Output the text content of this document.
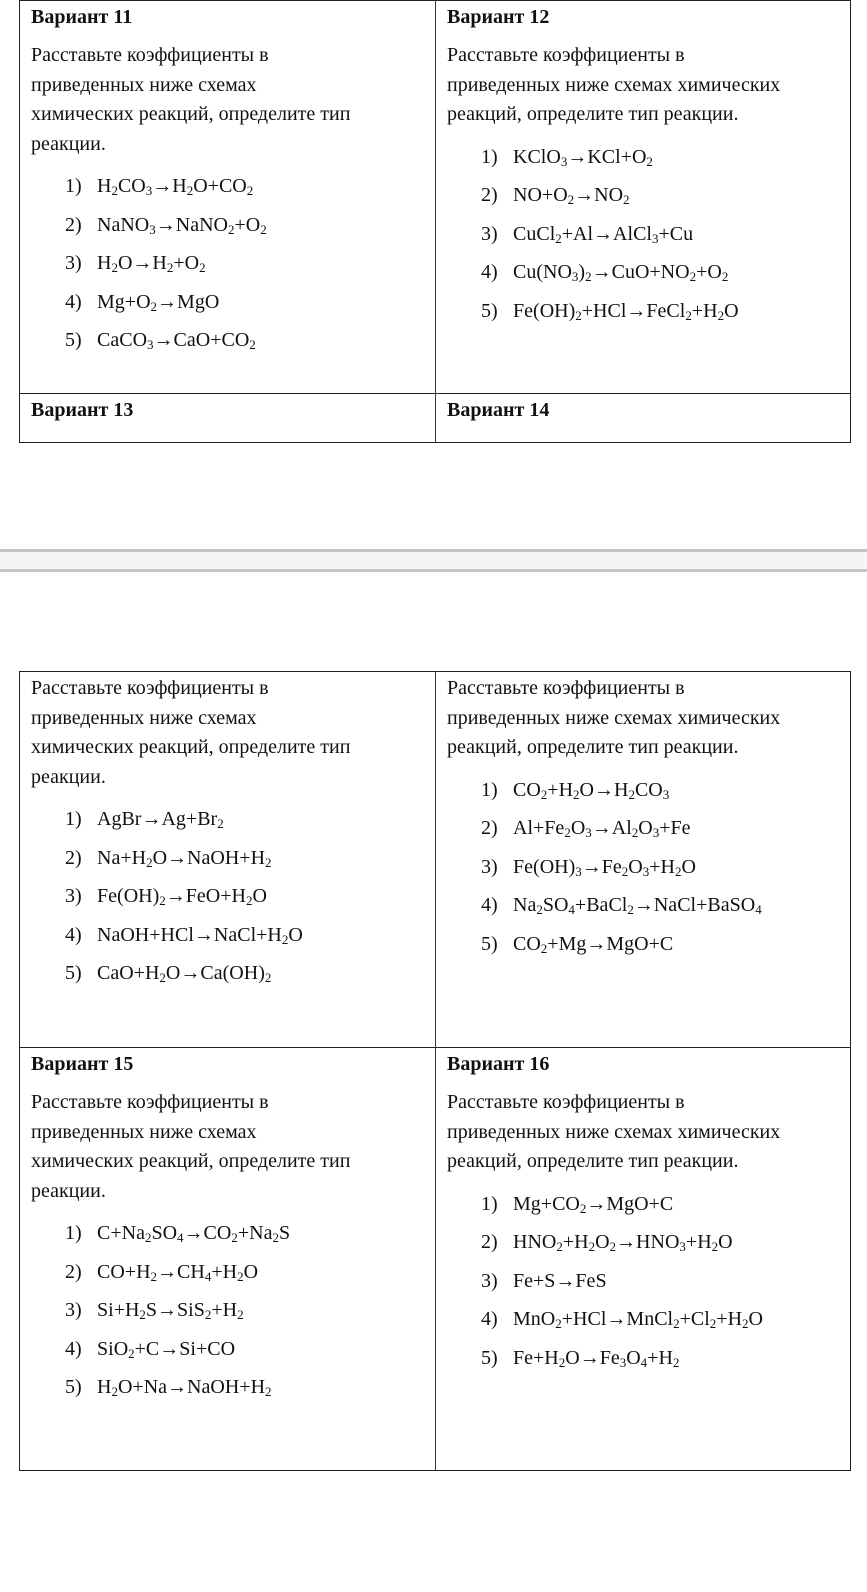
Вариант 11
Расставьте коэффициенты в
приведенных ниже схемах
химических реакций, определите тип
реакции.
1) $H_2CO_3\to H_2O+CO_2$
2) $NaNO_3\to NaNO_2+O_2$
3) $H_2O\to H_2+O_2$
4) $Mg+O_2\to MgO$
5) $CaCO_3\to CaO+CO_2$
Вариант 12
Расставьте коэффициенты в
приведенных ниже схемах химических
реакций, определите тип реакции.
1) $KClO_3\to KCl+O_2$
2) $NO+O_2\to NO_2$
3) CuCl$_2$+Al→AlCl$_3$+Cu
4) $Cu(NO_3)_2\to CuO+NO_2+O_2$
5) $Fe(OH)_2+HCl\to FeCl_2+H_2O$
Вариант 13	Вариант 14
Расставьте коэффициенты в
приведенных ниже схемах
химических реакций, определите тип
реакции.
1) $AgBr\to Ag+Br_2$
2) $Na+H_2O\to NaOH+H_2$
3) $Fe(OH)_2\to FeO+H_2O$
4) $NaOH+HCl\to NaCl+H_2O$
5) $CaO+H_2O\to Ca(OH)_2$
Расставьте коэффициенты в
приведенных ниже схемах химических
реакций, определите тип реакции.
1) $CO_2+H_2O\to H_2CO_3$
2) $Al+Fe_2O_3\to Al_2O_3+Fe$
3) $Fe(OH)_3\to Fe_2O_3+H_2O$
4) $Na_2SO_4+BaCl_2\to NaCl+BaSO_4$
5) $CO_2+Mg\to MgO+C$
Вариант 15
Расставьте коэффициенты в
приведенных ниже схемах
химических реакций, определите тип
реакции.
1) $C+Na_2SO_4\to CO_2+Na_2S$
2) $CO+H_2\to CH_4+H_2O$
3) $Si+H_2S\to SiS_2+H_2$
4) SiO$_2$+C→Si+CO
5) $H_2O+Na\to NaOH+H_2$
Вариант 16
Расставьте коэффициенты в
приведенных ниже схемах химических
реакций, определите тип реакции.
1) $Mg+CO_2\to MgO+C$
2) $HNO_2+H_2O_2\to HNO_3+H_2O$
3) Fe+S→FeS
4) $MnO_2+HCl\to MnCl_2+Cl_2+H_2O$
5) $Fe+H_2O\to Fe_3O_4+H_2$
